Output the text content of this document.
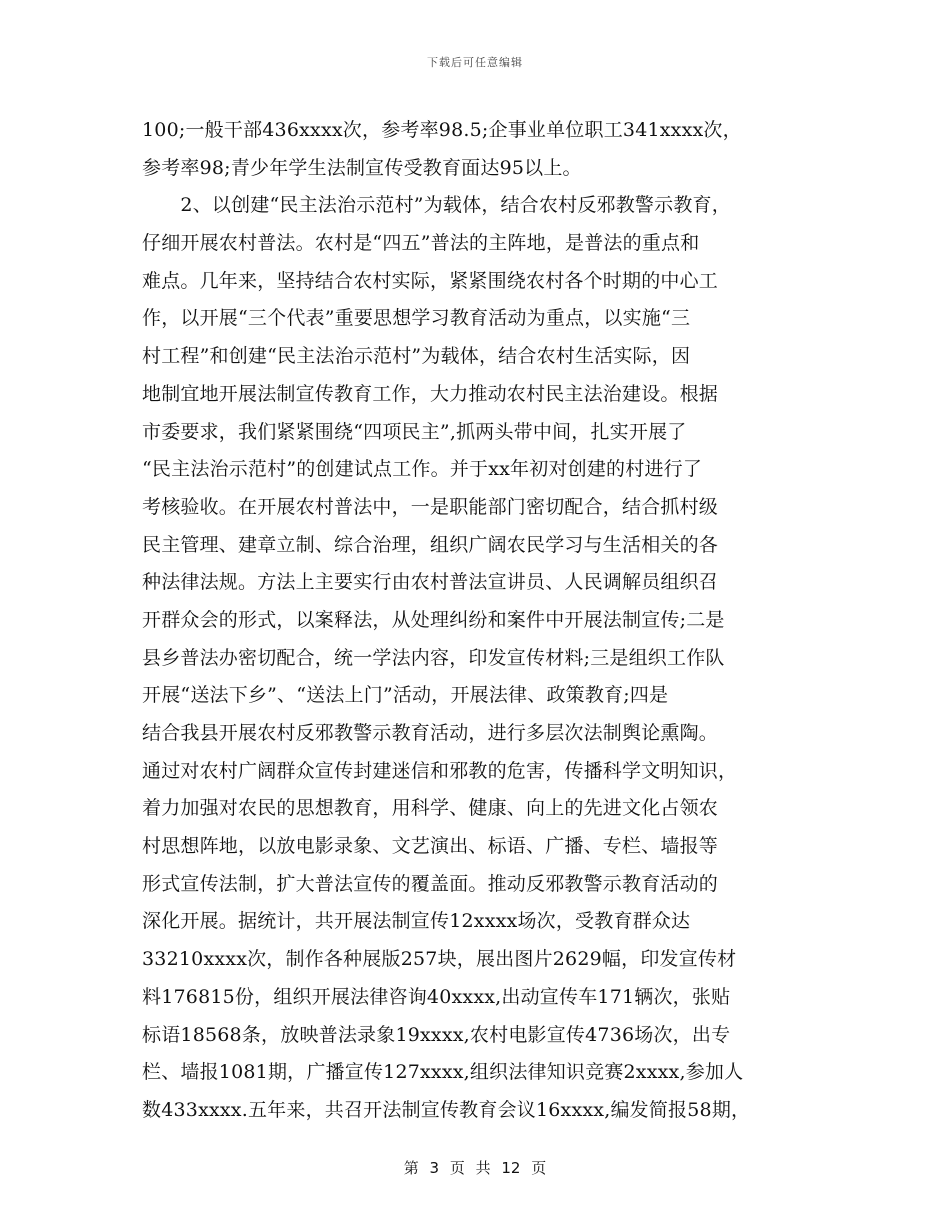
下载后可任意编辑
100;一般干部436xxxx次，参考率98.5;企事业单位职工341xxxx次，
参考率98;青少年学生法制宣传受教育面达95以上。
　　2、以创建“民主法治示范村”为载体，结合农村反邪教警示教育，
仔细开展农村普法。农村是“四五”普法的主阵地，是普法的重点和
难点。几年来，坚持结合农村实际，紧紧围绕农村各个时期的中心工
作，以开展“三个代表”重要思想学习教育活动为重点，以实施“三
村工程”和创建“民主法治示范村”为载体，结合农村生活实际，因
地制宜地开展法制宣传教育工作，大力推动农村民主法治建设。根据
市委要求，我们紧紧围绕“四项民主”,抓两头带中间，扎实开展了
“民主法治示范村”的创建试点工作。并于xx年初对创建的村进行了
考核验收。在开展农村普法中，一是职能部门密切配合，结合抓村级
民主管理、建章立制、综合治理，组织广阔农民学习与生活相关的各
种法律法规。方法上主要实行由农村普法宣讲员、人民调解员组织召
开群众会的形式，以案释法，从处理纠纷和案件中开展法制宣传;二是
县乡普法办密切配合，统一学法内容，印发宣传材料;三是组织工作队
开展“送法下乡”、“送法上门”活动，开展法律、政策教育;四是
结合我县开展农村反邪教警示教育活动，进行多层次法制舆论熏陶。
通过对农村广阔群众宣传封建迷信和邪教的危害，传播科学文明知识，
着力加强对农民的思想教育，用科学、健康、向上的先进文化占领农
村思想阵地，以放电影录象、文艺演出、标语、广播、专栏、墙报等
形式宣传法制，扩大普法宣传的覆盖面。推动反邪教警示教育活动的
深化开展。据统计，共开展法制宣传12xxxx场次，受教育群众达
33210xxxx次，制作各种展版257块，展出图片2629幅，印发宣传材
料176815份，组织开展法律咨询40xxxx,出动宣传车171辆次，张贴
标语18568条，放映普法录象19xxxx,农村电影宣传4736场次，出专
栏、墙报1081期，广播宣传127xxxx,组织法律知识竞赛2xxxx,参加人
数433xxxx.五年来，共召开法制宣传教育会议16xxxx,编发简报58期，
第 3 页 共 12 页
